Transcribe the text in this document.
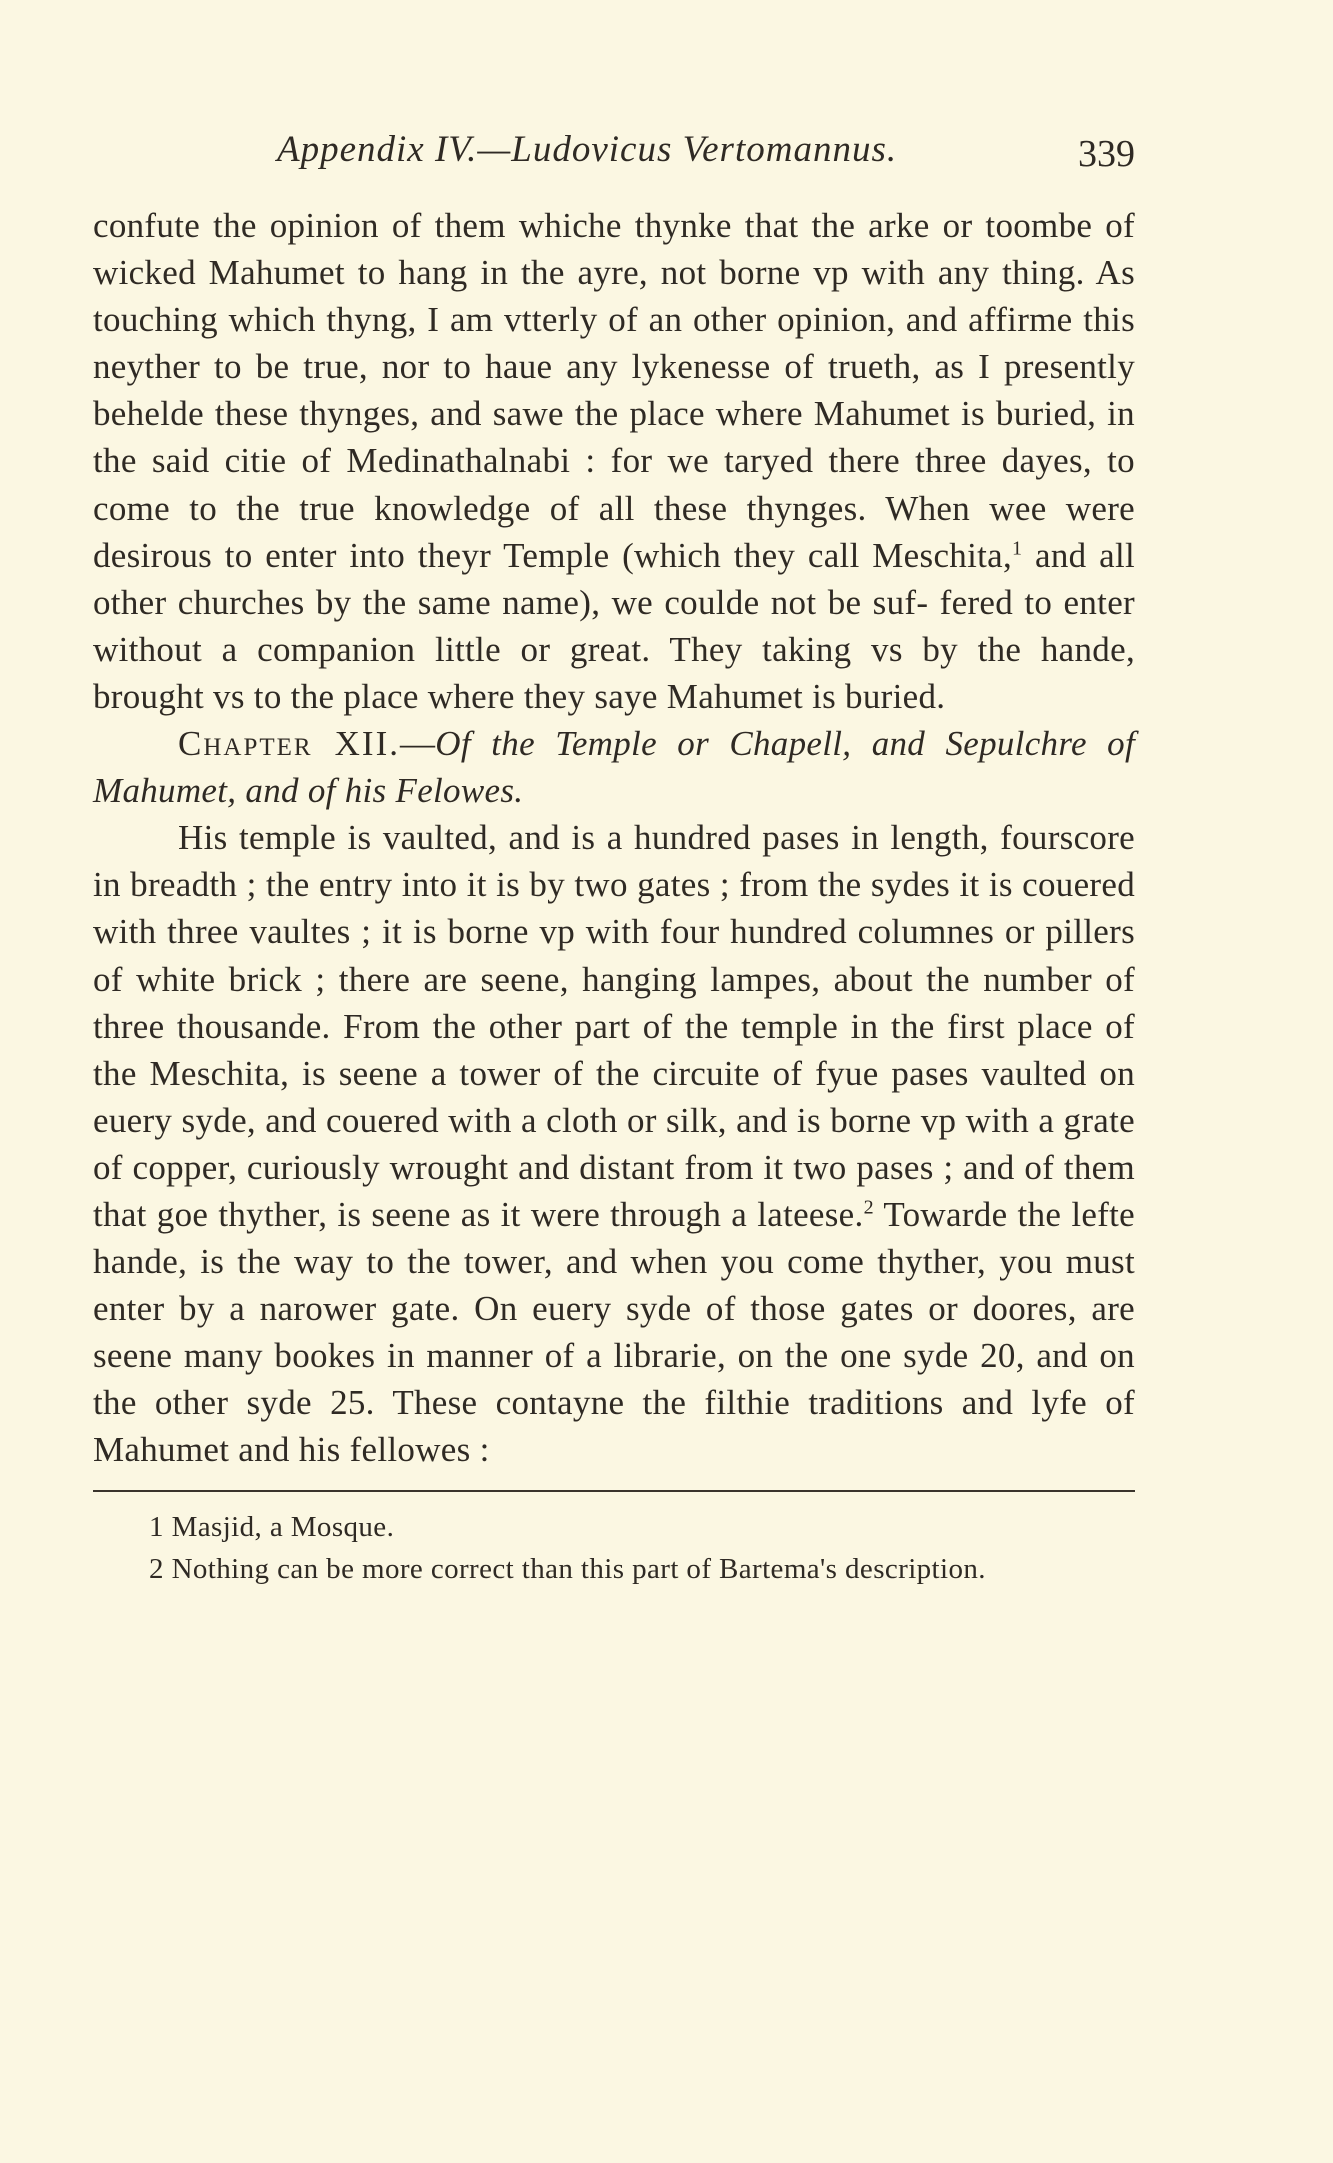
Appendix IV.—Ludovicus Vertomannus.	339

confute the opinion of them whiche thynke that the arke or toombe of wicked Mahumet to hang in the ayre, not borne vp with any thing. As touching which thyng, I am vtterly of an other opinion, and affirme this neyther to be true, nor to haue any lykenesse of trueth, as I presently behelde these thynges, and sawe the place where Mahumet is buried, in the said citie of Medinathalnabi : for we taryed there three dayes, to come to the true knowledge of all these thynges. When wee were desirous to enter into theyr Temple (which they call Meschita,$^1$ and all other churches by the same name), we coulde not be suf- fered to enter without a companion little or great. They taking vs by the hande, brought vs to the place where they saye Mahumet is buried.

Chapter XII.—Of the Temple or Chapell, and Sepulchre of Mahumet, and of his Felowes.

His temple is vaulted, and is a hundred pases in length, fourscore in breadth ; the entry into it is by two gates ; from the sydes it is couered with three vaultes ; it is borne vp with four hundred columnes or pillers of white brick ; there are seene, hanging lampes, about the number of three thousande. From the other part of the temple in the first place of the Meschita, is seene a tower of the circuite of fyue pases vaulted on euery syde, and couered with a cloth or silk, and is borne vp with a grate of copper, curiously wrought and distant from it two pases ; and of them that goe thyther, is seene as it were through a lateese.$^2$ Towarde the lefte hande, is the way to the tower, and when you come thyther, you must enter by a narower gate. On euery syde of those gates or doores, are seene many bookes in manner of a librarie, on the one syde 20, and on the other syde 25. These contayne the filthie traditions and lyfe of Mahumet and his fellowes :

1 Masjid, a Mosque.

2 Nothing can be more correct than this part of Bartema's description.
